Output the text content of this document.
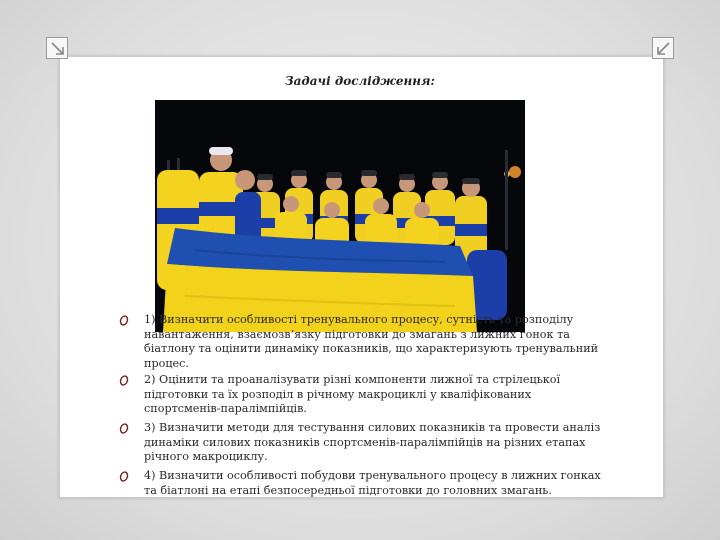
Задачі дослідження:
1) Визначити особливості тренувального процесу, сутність та розподілу навантаження, взаємозв’язку підготовки до змагань з лижних гонок та біатлону та оцінити динаміку показників, що характеризують тренувальний процес.
2) Оцінити та проаналізувати різні компоненти лижної та стрілецької підготовки та їх розподіл в річному макроциклі у кваліфікованих спортсменів-паралімпійців.
3) Визначити методи для тестування силових показників та провести аналіз динаміки силових показників спортсменів-паралімпійців на різних етапах річного макроциклу.
4) Визначити особливості побудови тренувального процесу в лижних гонках та біатлоні на етапі безпосередньої підготовки до головних змагань.
